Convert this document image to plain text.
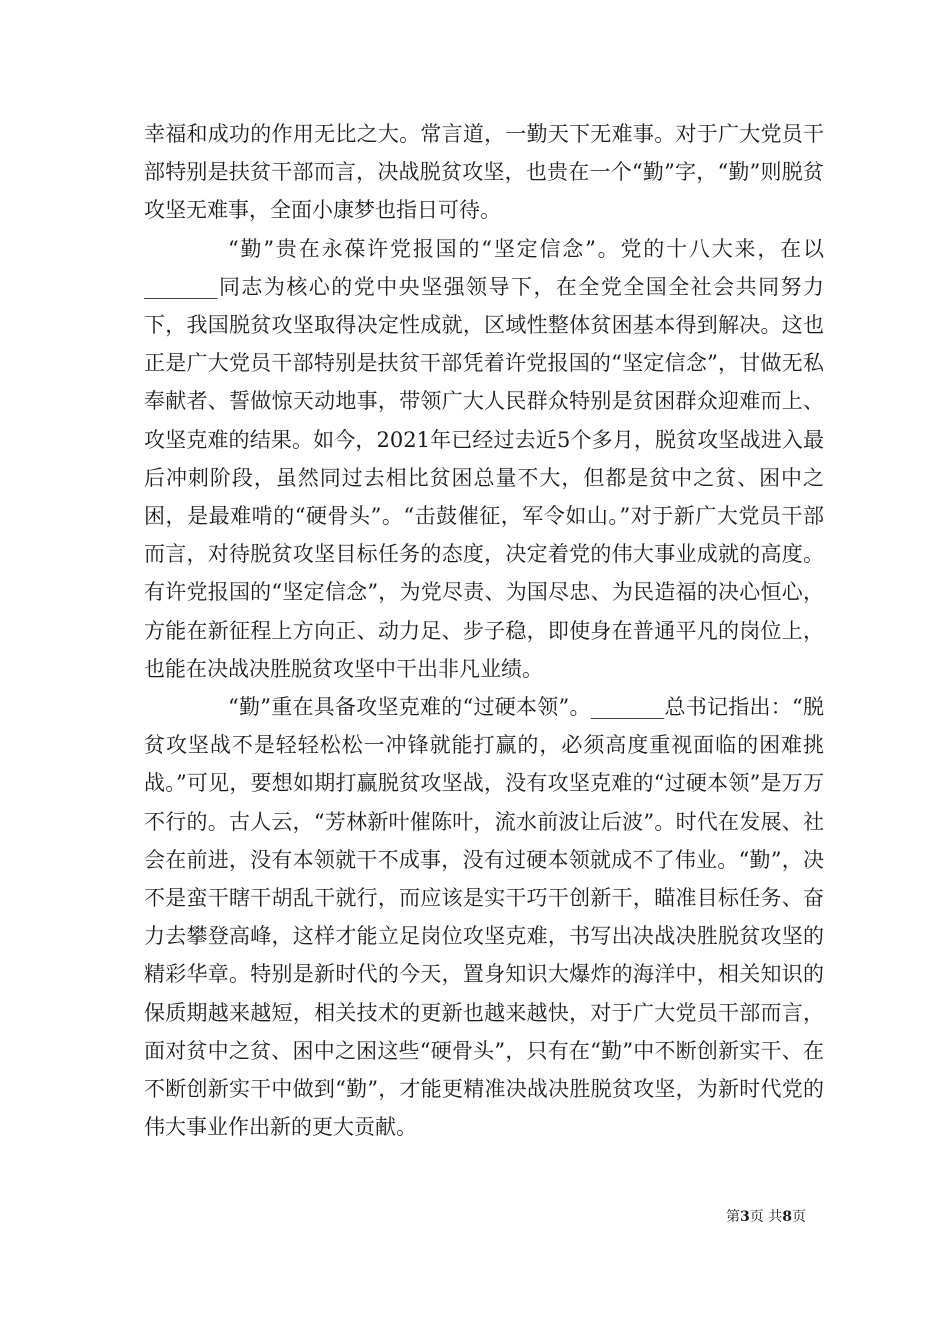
幸福和成功的作用无比之大。常言道，一勤天下无难事。对于广大党员干部特别是扶贫干部而言，决战脱贫攻坚，也贵在一个“勤”字，“勤”则脱贫攻坚无难事，全面小康梦也指日可待。

“勤”贵在永葆许党报国的“坚定信念”。党的十八大来，在以_______同志为核心的党中央坚强领导下，在全党全国全社会共同努力下，我国脱贫攻坚取得决定性成就，区域性整体贫困基本得到解决。这也正是广大党员干部特别是扶贫干部凭着许党报国的“坚定信念”，甘做无私奉献者、誓做惊天动地事，带领广大人民群众特别是贫困群众迎难而上、攻坚克难的结果。如今，2021年已经过去近5个多月，脱贫攻坚战进入最后冲刺阶段，虽然同过去相比贫困总量不大，但都是贫中之贫、困中之困，是最难啃的“硬骨头”。“击鼓催征，军令如山。”对于新广大党员干部而言，对待脱贫攻坚目标任务的态度，决定着党的伟大事业成就的高度。有许党报国的“坚定信念”，为党尽责、为国尽忠、为民造福的决心恒心，方能在新征程上方向正、动力足、步子稳，即使身在普通平凡的岗位上，也能在决战决胜脱贫攻坚中干出非凡业绩。

“勤”重在具备攻坚克难的“过硬本领”。_______总书记指出：“脱贫攻坚战不是轻轻松松一冲锋就能打赢的，必须高度重视面临的困难挑战。”可见，要想如期打赢脱贫攻坚战，没有攻坚克难的“过硬本领”是万万不行的。古人云，“芳林新叶催陈叶，流水前波让后波”。时代在发展、社会在前进，没有本领就干不成事，没有过硬本领就成不了伟业。“勤”，决不是蛮干瞎干胡乱干就行，而应该是实干巧干创新干，瞄准目标任务、奋力去攀登高峰，这样才能立足岗位攻坚克难，书写出决战决胜脱贫攻坚的精彩华章。特别是新时代的今天，置身知识大爆炸的海洋中，相关知识的保质期越来越短，相关技术的更新也越来越快，对于广大党员干部而言，面对贫中之贫、困中之困这些“硬骨头”，只有在“勤”中不断创新实干、在不断创新实干中做到“勤”，才能更精准决战决胜脱贫攻坚，为新时代党的伟大事业作出新的更大贡献。

第3页 共8页
